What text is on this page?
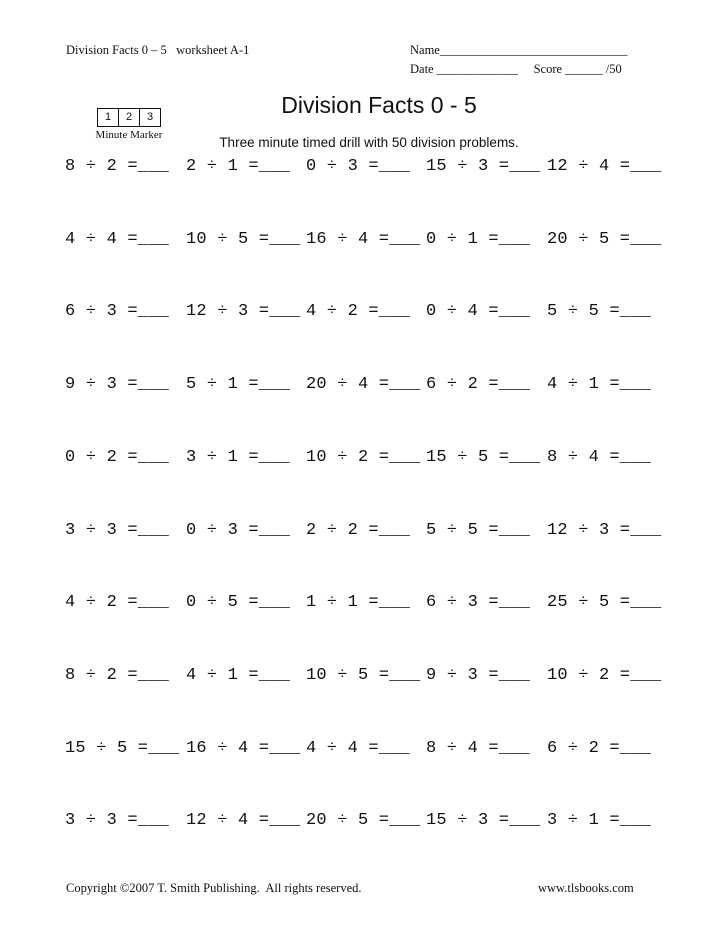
Division Facts 0 – 5   worksheet A-1	Name______________________________
Date _____________     Score ______ /50

Minute Marker

1	2	3	Division Facts 0 - 5
Three minute timed drill with 50 division problems.
8 ÷ 2 =___ 2 ÷ 1 =___ 0 ÷ 3 =___ 15 ÷ 3 =___ 12 ÷ 4 =___
4 ÷ 4 =___ 10 ÷ 5 =___ 16 ÷ 4 =___ 0 ÷ 1 =___ 20 ÷ 5 =___
6 ÷ 3 =___ 12 ÷ 3 =___ 4 ÷ 2 =___ 0 ÷ 4 =___ 5 ÷ 5 =___
9 ÷ 3 =___ 5 ÷ 1 =___ 20 ÷ 4 =___ 6 ÷ 2 =___ 4 ÷ 1 =___
0 ÷ 2 =___ 3 ÷ 1 =___ 10 ÷ 2 =___ 15 ÷ 5 =___ 8 ÷ 4 =___
3 ÷ 3 =___ 0 ÷ 3 =___ 2 ÷ 2 =___ 5 ÷ 5 =___ 12 ÷ 3 =___
4 ÷ 2 =___ 0 ÷ 5 =___ 1 ÷ 1 =___ 6 ÷ 3 =___ 25 ÷ 5 =___
8 ÷ 2 =___ 4 ÷ 1 =___ 10 ÷ 5 =___ 9 ÷ 3 =___ 10 ÷ 2 =___
15 ÷ 5 =___ 16 ÷ 4 =___ 4 ÷ 4 =___ 8 ÷ 4 =___ 6 ÷ 2 =___
3 ÷ 3 =___ 12 ÷ 4 =___ 20 ÷ 5 =___ 15 ÷ 3 =___ 3 ÷ 1 =___
Copyright ©2007 T. Smith Publishing.  All rights reserved.	www.tlsbooks.com
